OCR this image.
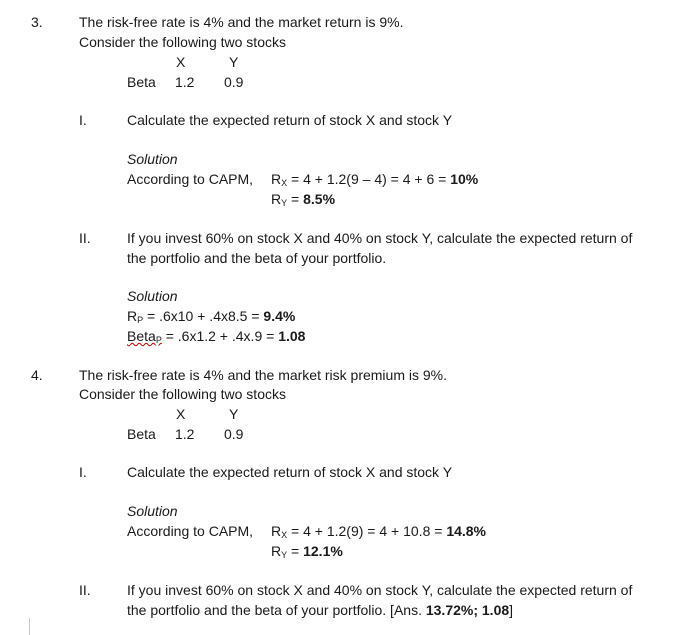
3.	The risk-free rate is 4% and the market return is 9%.
Consider the following two stocks
X	Y
Beta 1.2 0.9
I.	Calculate the expected return of stock X and stock Y
Solution
According to CAPM, RX = 4 + 1.2(9 – 4) = 4 + 6 = 10%
RY = 8.5%
II.	If you invest 60% on stock X and 40% on stock Y, calculate the expected return of
the portfolio and the beta of your portfolio.
Solution
RP = .6x10 + .4x8.5 = 9.4%
BetaP = .6x1.2 + .4x.9 = 1.08
4.	The risk-free rate is 4% and the market risk premium is 9%.
Consider the following two stocks
X	Y
Beta 1.2 0.9
I.	Calculate the expected return of stock X and stock Y
Solution
According to CAPM, RX = 4 + 1.2(9) = 4 + 10.8 = 14.8%
RY = 12.1%
II.	If you invest 60% on stock X and 40% on stock Y, calculate the expected return of
the portfolio and the beta of your portfolio. [Ans. 13.72%; 1.08]
